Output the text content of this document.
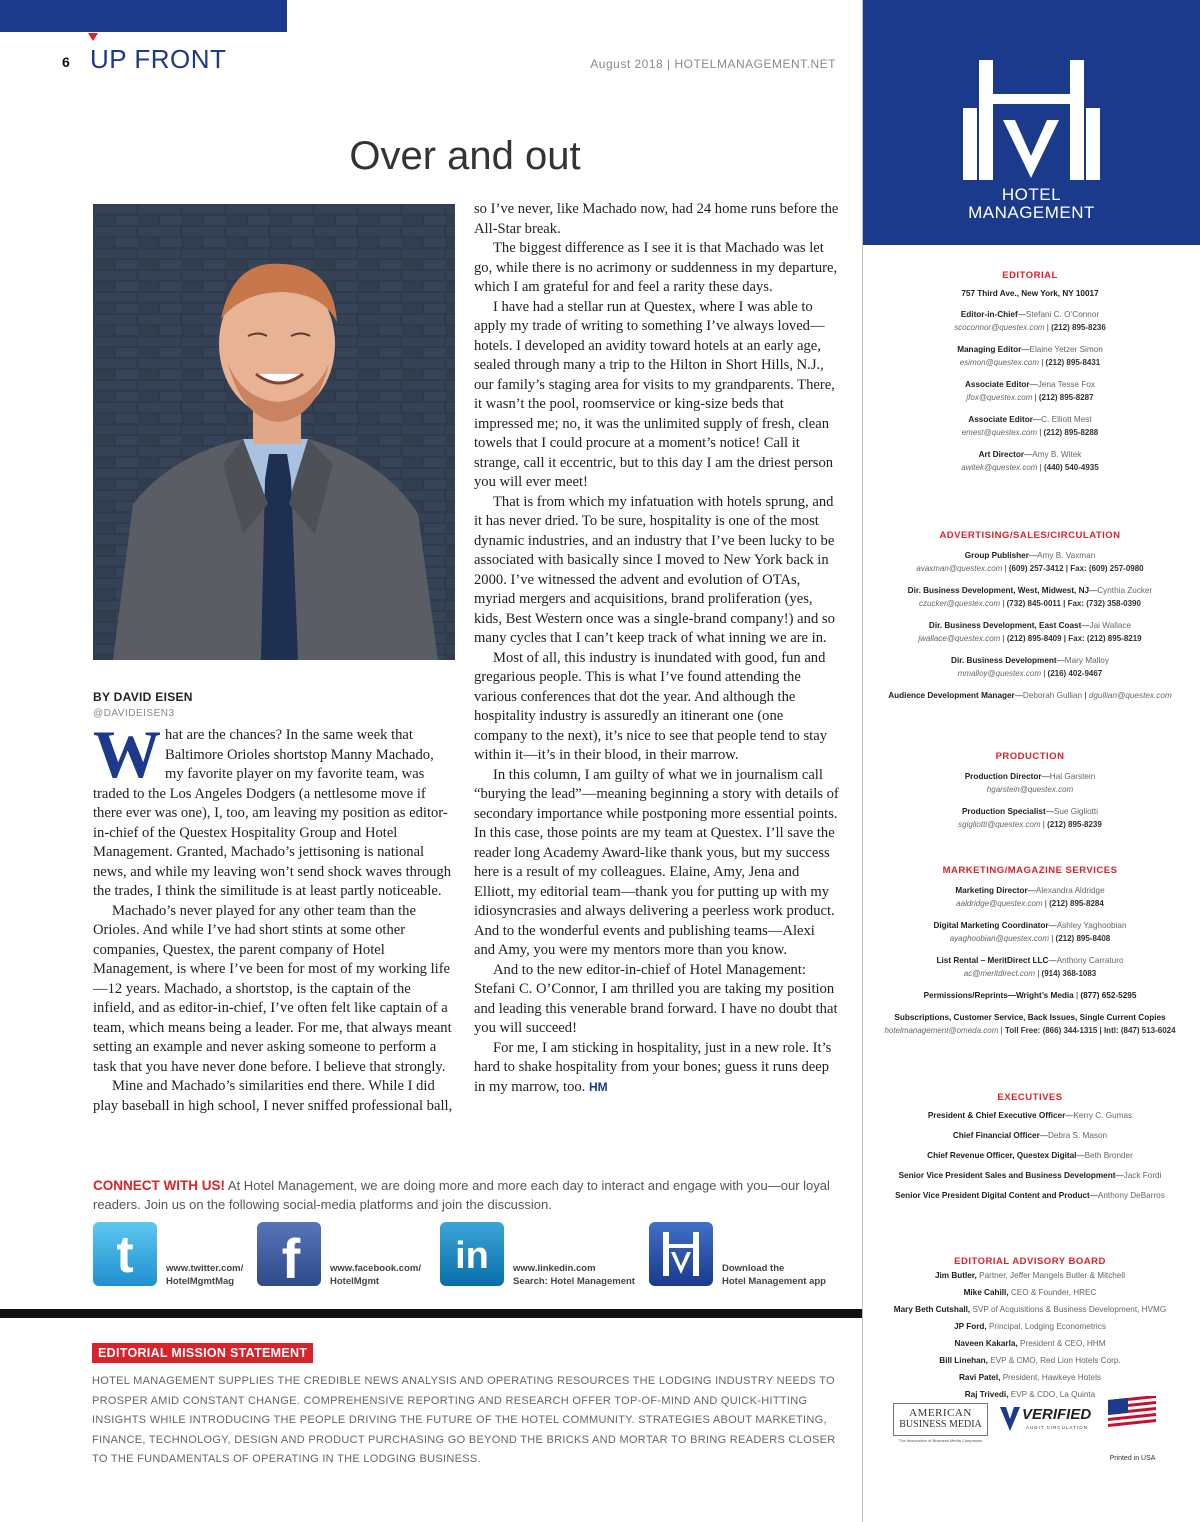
6 UP FRONT	August 2018 | HOTELMANAGEMENT.NET
Over and out
BY DAVID EISEN
@DAVIDEISEN3

What are the chances? In the same week that Baltimore Orioles shortstop Manny Machado, my favorite player on my favorite team, was traded to the Los Angeles Dodgers (a nettlesome move if there ever was one), I, too, am leaving my position as editor-in-chief of the Questex Hospitality Group and Hotel Management. Granted, Machado’s jettisoning is national news, and while my leaving won’t send shock waves through the trades, I think the similitude is at least partly noticeable.

Machado’s never played for any other team than the Orioles. And while I’ve had short stints at some other companies, Questex, the parent company of Hotel Management, is where I’ve been for most of my working life—12 years. Machado, a shortstop, is the captain of the infield, and as editor-in-chief, I’ve often felt like captain of a team, which means being a leader. For me, that always meant setting an example and never asking someone to perform a task that you have never done before. I believe that strongly.

Mine and Machado’s similarities end there. While I did play baseball in high school, I never sniffed professional ball,

so I’ve never, like Machado now, had 24 home runs before the All-Star break.

The biggest difference as I see it is that Machado was let go, while there is no acrimony or suddenness in my departure, which I am grateful for and feel a rarity these days.

I have had a stellar run at Questex, where I was able to apply my trade of writing to something I’ve always loved—hotels. I developed an avidity toward hotels at an early age, sealed through many a trip to the Hilton in Short Hills, N.J., our family’s staging area for visits to my grandparents. There, it wasn’t the pool, roomservice or king-size beds that impressed me; no, it was the unlimited supply of fresh, clean towels that I could procure at a moment’s notice! Call it strange, call it eccentric, but to this day I am the driest person you will ever meet!

That is from which my infatuation with hotels sprung, and it has never dried. To be sure, hospitality is one of the most dynamic industries, and an industry that I’ve been lucky to be associated with basically since I moved to New York back in 2000. I’ve witnessed the advent and evolution of OTAs, myriad mergers and acquisitions, brand proliferation (yes, kids, Best Western once was a single-brand company!) and so many cycles that I can’t keep track of what inning we are in.

Most of all, this industry is inundated with good, fun and gregarious people. This is what I’ve found attending the various conferences that dot the year. And although the hospitality industry is assuredly an itinerant one (one company to the next), it’s nice to see that people tend to stay within it—it’s in their blood, in their marrow.

In this column, I am guilty of what we in journalism call “burying the lead”—meaning beginning a story with details of secondary importance while postponing more essential points. In this case, those points are my team at Questex. I’ll save the reader long Academy Award-like thank yous, but my success here is a result of my colleagues. Elaine, Amy, Jena and Elliott, my editorial team—thank you for putting up with my idiosyncrasies and always delivering a peerless work product. And to the wonderful events and publishing teams—Alexi and Amy, you were my mentors more than you know.

And to the new editor-in-chief of Hotel Management: Stefani C. O’Connor, I am thrilled you are taking my position and leading this venerable brand forward. I have no doubt that you will succeed!

For me, I am sticking in hospitality, just in a new role. It’s hard to shake hospitality from your bones; guess it runs deep in my marrow, too. HM

CONNECT WITH US! At Hotel Management, we are doing more and more each day to interact and engage with you—our loyal readers. Join us on the following social-media platforms and join the discussion.
t	www.twitter.com/
HotelMgmtMag f	www.facebook.com/
HotelMgmt
in	www.linkedin.com
Search: Hotel Management
Download the
Hotel Management app
EDITORIAL MISSION STATEMENT
HOTEL MANAGEMENT SUPPLIES THE CREDIBLE NEWS ANALYSIS AND OPERATING RESOURCES THE LODGING INDUSTRY NEEDS TO PROSPER AMID CONSTANT CHANGE. COMPREHENSIVE REPORTING AND RESEARCH OFFER TOP-OF-MIND AND QUICK-HITTING INSIGHTS WHILE INTRODUCING THE PEOPLE DRIVING THE FUTURE OF THE HOTEL COMMUNITY. STRATEGIES ABOUT MARKETING, FINANCE, TECHNOLOGY, DESIGN AND PRODUCT PURCHASING GO BEYOND THE BRICKS AND MORTAR TO BRING READERS CLOSER TO THE FUNDAMENTALS OF OPERATING IN THE LODGING BUSINESS.
HOTEL
MANAGEMENT
EDITORIAL
757 Third Ave., New York, NY 10017
Editor-in-Chief—Stefani C. O’Connor
scoconnor@questex.com | (212) 895-8236
Managing Editor—Elaine Yetzer Simon
esimon@questex.com | (212) 895-8431
Associate Editor—Jena Tesse Fox
jfox@questex.com | (212) 895-8287
Associate Editor—C. Elliott Mest
emest@questex.com | (212) 895-8288
Art Director—Amy B. Witek
awitek@questex.com | (440) 540-4935
ADVERTISING/SALES/CIRCULATION
Group Publisher—Amy B. Vaxman
avaxman@questex.com | (609) 257-3412 | Fax: (609) 257-0980
Dir. Business Development, West, Midwest, NJ—Cynthia Zucker
czucker@questex.com | (732) 845-0011 | Fax: (732) 358-0390
Dir. Business Development, East Coast—Jai Wallace
jwallace@questex.com | (212) 895-8409 | Fax: (212) 895-8219
Dir. Business Development—Mary Malloy
mmalloy@questex.com | (216) 402-9467
Audience Development Manager—Deborah Gullian | dgullian@questex.com
PRODUCTION
Production Director—Hal Garstein
hgarstein@questex.com
Production Specialist—Sue Gigliotti
sgigliotti@questex.com | (212) 895-8239
MARKETING/MAGAZINE SERVICES
Marketing Director—Alexandra Aldridge
aaldridge@questex.com | (212) 895-8284
Digital Marketing Coordinator—Ashley Yaghoobian
ayaghoobian@questex.com | (212) 895-8408
List Rental – MeritDirect LLC—Anthony Carraturo
ac@meritdirect.com | (914) 368-1083
Permissions/Reprints—Wright’s Media | (877) 652-5295
Subscriptions, Customer Service, Back Issues, Single Current Copies
hotelmanagement@omeda.com | Toll Free: (866) 344-1315 | Intl: (847) 513-6024
EXECUTIVES
President & Chief Executive Officer—Kerry C. Gumas
Chief Financial Officer—Debra S. Mason
Chief Revenue Officer, Questex Digital—Beth Bronder
Senior Vice President Sales and Business Development—Jack Fordi
Senior Vice President Digital Content and Product—Anthony DeBarros
EDITORIAL ADVISORY BOARD
Jim Butler, Partner, Jeffer Mangels Butler & Mitchell
Mike Cahill, CEO & Founder, HREC
Mary Beth Cutshall, SVP of Acquisitions & Business Development, HVMG
JP Ford, Principal, Lodging Econometrics
Naveen Kakarla, President & CEO, HHM
Bill Linehan, EVP & CMO, Red Lion Hotels Corp.
Ravi Patel, President, Hawkeye Hotels
Raj Trivedi, EVP & CDO, La Quinta
AMERICAN
BUSINESS MEDIA
The Association of Business Media Companies
VERIFIED
AUDIT CIRCULATION
Printed in USA
